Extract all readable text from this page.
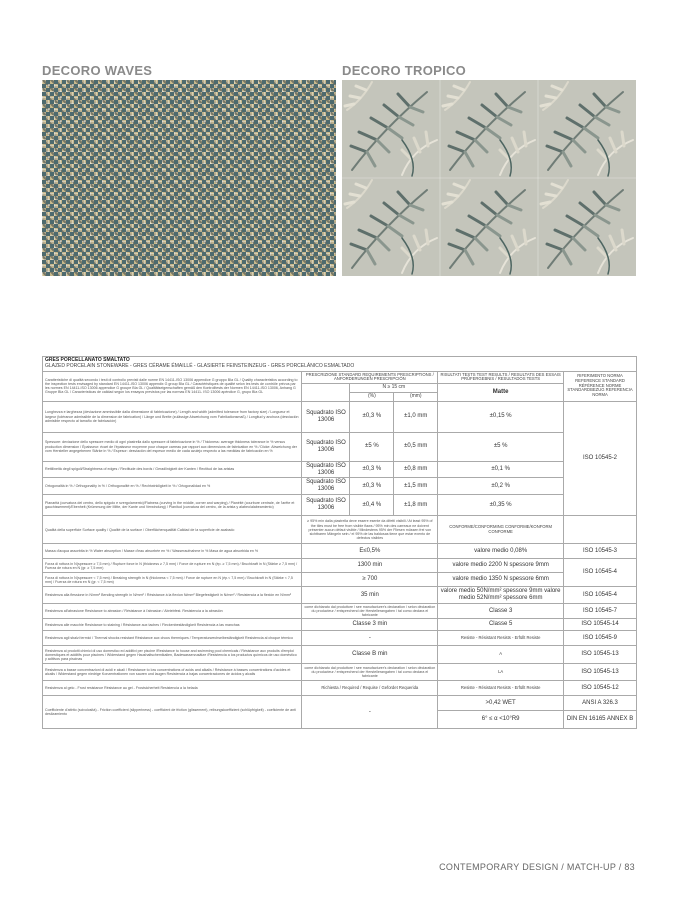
DECORO WAVES	DECORO TROPICO
GRES PORCELLANATO SMALTATO
GLAZED PORCELAIN STONEWARE - GRES CÉRAME ÉMAILLÉ - GLASIERTE FEINSTEINZEUG - GRES PORCELÁNICO ESMALTADO					

Caratteristiche di qualità secondo i testi di controllo previsti dalle norme EN 14411-ISO 13006 appendice G gruppo BIa GL / Quality characteristics according to the inspection tests envisaged by standard EN 14411-ISO 13006 appendix G group BIa GL / Caractéristiques de qualité selon les tests de contrôle prévus par les normes EN 14411-ISO 13006 appendice G groupe BIa GL / Qualitätseigenschaften gemäß den Kontrolltests der Normen EN 14411-ISO 13006, Anhang G Gruppe BIa GL / Características de calidad según los ensayos previstos por las normas EN 14411- ISO 13006 apéndice G, grupo BIa GL	PRESCRIZIONE STANDARD REQUIREMENTS PRESCRIPTIONS / ANFORDERUNGEN PRESCRIPCIÓN			RISULTATI TESTS TEST RESULTS / RESULTATS DES ESSAIS PRÜFERGEBNIS / RESULTADOS TESTS	RIFERIMENTO NORMA REFERENCE STANDARD RÉFÉRENCE NORME STANDARDBEZUG REFERENCIA NORMA
		N ≥ 15 cm		Matte	
		(%)	(mm)		
Lunghezza e larghezza (deviazione ammissibile dalla dimensione di fabbricazione) / Length and width (admitted tolerance from factory size) / Longueur et largeur (tolérance admissible de la dimension de fabrication) / Länge und Breite (zulässige Abweichung vom Fabrikationsmaß) / Longitud y anchura (desviación admisible respecto al tamaño de fabricación)	Squadrato ISO 13006	±0,3 %	±1,0 mm	±0,15 %	ISO 10545-2
Spessore: deviazione dello spessore medio di ogni piastrella dallo spessore di fabbricazione in % / Thickness: average thickness tolerance in % versus production dimension / Épaisseur: écart de l'épaisseur moyenne pour chaque carreau par rapport aux dimensions de fabrication en % / Dicke: Abweichung der vom Hersteller angegebenen Stärke in % / Espesor: desviación del espesor medio de cada azulejo respecto a las medidas de fabricación en %	Squadrato ISO 13006	±5 %	±0,5 mm	±5 %	
Rettilineità degli spigoli/Straightness of edges / Rectitude des bords / Geradlinigkeit der Kanten / Rectitud de las aristas	Squadrato ISO 13006	±0,3 %	±0,8 mm	±0,1 %	
Ortogonalità in % / Orthogonality in % / Orthogonalité en % / Rechtwinkligkeit in % / Ortogonalidad en %	Squadrato ISO 13006	±0,3 %	±1,5 mm	±0,2 %	
Planarità (curvatura del centro, dello spigolo e svergolamento)/Flatness (curving in the middle, corner and warping) / Planéité (courbure centrale, de l'arête et gauchissement)/Ebenheit (Krümmung der Mitte, der Kante und Verwindung) / Planitud (curvatura del centro, de la arista y alabeo/alabeamiento)	Squadrato ISO 13006	±0,4 %	±1,8 mm	±0,35 %	
Qualità della superficie Surface quality / Qualité de la surface / Oberflächenqualität Calidad de la superficie de acabado	≥ 95% min dalla piastrella deve essere esente da difetti visibili / At least 95% of the tiles must be free from visible flaws / 95% min des carreaux ne doivent présenter aucun défaut visible / Mindestens 95% der Fliesen müssen frei von sichtbaren Mängeln sein / el 95% de las baldosas tiene que estar exento de defectos visibles			CONFORME/CONFORMING CONFORME/KONFORM CONFORME	
Massa d'acqua assorbita in % Water absorption / Masse d'eau absorbée en % / Wasseraufnahme in % Masa de agua absorbida en %	E≤0,5%			valore medio 0,08%	ISO 10545-3
Forza di rottura in N(spessore ≥ 7,5 mm) / Rupture force in N (thickness ≥ 7,5 mm) / Force de rupture en N (ép. ≥ 7,5 mm) / Bruchkraft in N (Stärke ≥ 7,5 mm) / Fuerza de rotura en N (gr. ≥ 7,5 mm)	1300 min			valore medio 2200 N spessore 9mm	ISO 10545-4
Forza di rottura in N(spessore < 7,5 mm) / Breaking strength in N (thickness < 7,5 mm) / Force de rupture en N (ép.< 7,5 mm) / Bruchkraft in N (Stärke < 7,5 mm) / Fuerza de rotura en N (gr. < 7,5 mm)	≥ 700			valore medio 1350 N spessore 6mm	
Resistenza alla flessione in N/mm² Bending strength in N/mm² / Résistance à la flexion N/mm² Biegefestigkeit in N/mm² / Resistencia a la flexión en N/mm²	35 min			valore medio 50N/mm² spessore 9mm valore medio 52N/mm² spessore 6mm	ISO 10545-4
Resistenza all'abrasione Resistance to abrasion / Résistance à l'abrasion / Abriebfest. Resistencia a la abrasión	come dichiarato dal produttore / see manufacturer's declaration / selon déclaration du producteur / entsprechend der Herstellerangaben / tal como declara el fabricante			Classe 3	ISO 10545-7
Resistenza alle macchie Resistance to staining / Résistance aux taches / Fleckenbeständigkeit Resistencia a las manchas	Classe 3 min			Classe 5	ISO 10545-14
Resistenza agli sbalzi termici / Thermal shocks resistant Résistance aux chocs thermiques / Temperaturwechselbeständigkeit Resistencia al choque térmico	-			Resiste - Résistant Resists - Erfüllt Resiste	ISO 10545-9
Resistenza ai prodotti chimici di uso domestico ed additivi per piscine /Resistance to house and swimming pool chemicals / Résistance aux produits d'emploi domestiques et additifs pour piscines / Widerstand gegen Haushaltschemikalien, Badewasserzusätze /Resistencia a los productos químicos de uso doméstico y aditivos para piscinas	Classe B min			A	ISO 10545-13
Resistenza a basse concentrazioni di acidi e alcali / Resistance to low concentrations of acids and alkalis / Résistance à basses concentrations d'acides et alcalis / Widerstand gegen niedrige Konzentrationen von sauren und laugen Resistencia a bajas concentraciones de ácidos y alcalis	come dichiarato dal produttore / see manufacturer's declaration / selon déclaration du producteur / entsprechend der Herstellerangaben / tal como declara el fabricante			LA	ISO 10545-13
Resistenza al gelo - Frost resistance Résistance au gel - Frostsicherheit Resistencia a la helada	Richiesta / Required / Requise / Gefordet Requerida			Resiste - Résistant Resists - Erfüllt Resiste	ISO 10545-12
Coefficiente d'attrito (scivolosità) - Friction coefficient (slipperiness) - coefficient de friction (glissement), reibungskoeffizient (schlüpfrigkeit) - coeficiente de anti deslizamiento	-			>0,42 WET	ANSI A 326.3
				6° ≤ α <10°R9	DIN EN 16165 ANNEX B
CONTEMPORARY DESIGN / MATCH-UP / 83
